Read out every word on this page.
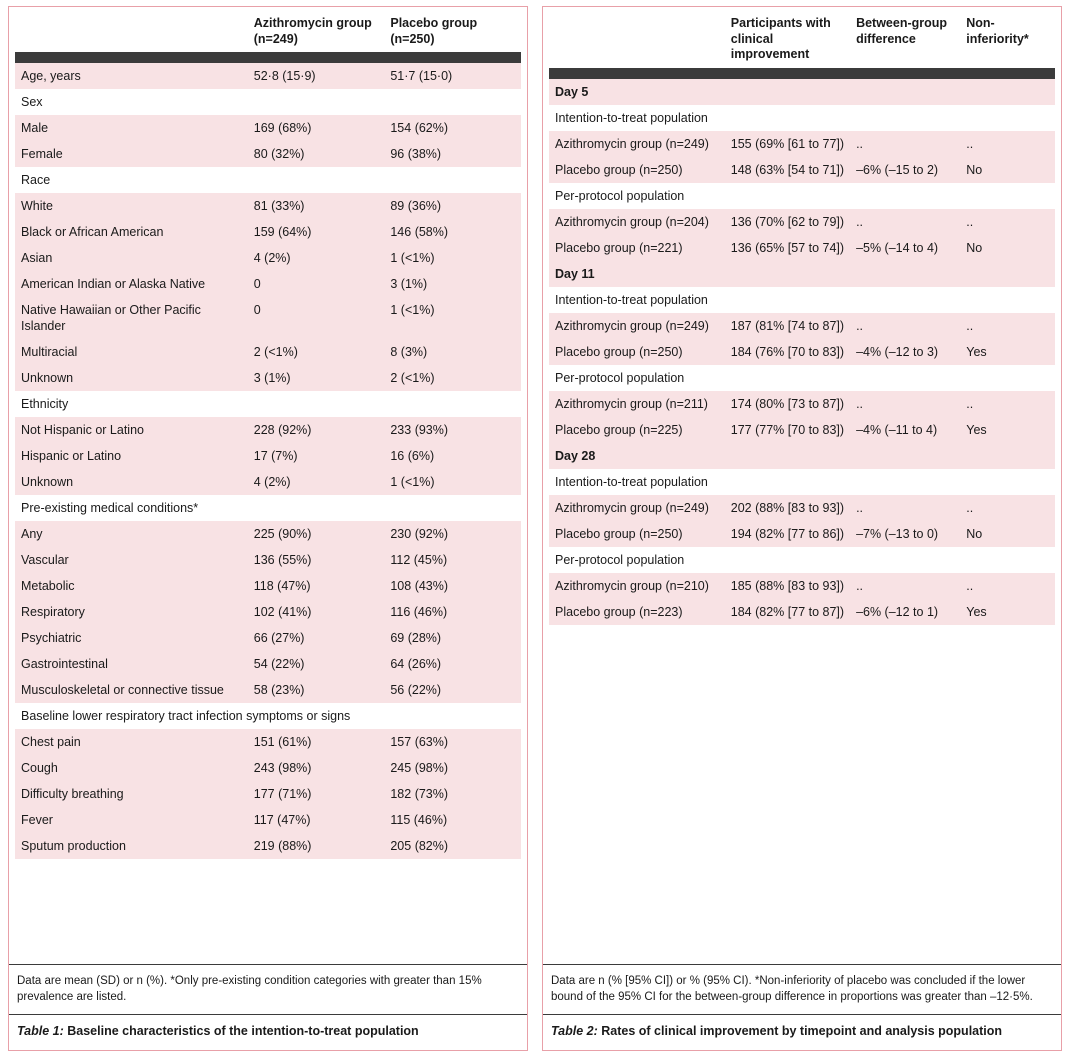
	Azithromycin group (n=249)	Placebo group (n=250)

Age, years	52·8 (15·9)	51·7 (15·0)
Sex		
Male	169 (68%)	154 (62%)
Female	80 (32%)	96 (38%)
Race		
White	81 (33%)	89 (36%)
Black or African American	159 (64%)	146 (58%)
Asian	4 (2%)	1 (<1%)
American Indian or Alaska Native	0	3 (1%)
Native Hawaiian or Other Pacific Islander	0	1 (<1%)
Multiracial	2 (<1%)	8 (3%)
Unknown	3 (1%)	2 (<1%)
Ethnicity		
Not Hispanic or Latino	228 (92%)	233 (93%)
Hispanic or Latino	17 (7%)	16 (6%)
Unknown	4 (2%)	1 (<1%)
Pre-existing medical conditions*		
Any	225 (90%)	230 (92%)
Vascular	136 (55%)	112 (45%)
Metabolic	118 (47%)	108 (43%)
Respiratory	102 (41%)	116 (46%)
Psychiatric	66 (27%)	69 (28%)
Gastrointestinal	54 (22%)	64 (26%)
Musculoskeletal or connective tissue	58 (23%)	56 (22%)
Baseline lower respiratory tract infection symptoms or signs		
Chest pain	151 (61%)	157 (63%)
Cough	243 (98%)	245 (98%)
Difficulty breathing	177 (71%)	182 (73%)
Fever	117 (47%)	115 (46%)
Sputum production	219 (88%)	205 (82%)
Data are mean (SD) or n (%). *Only pre-existing condition categories with greater than 15% prevalence are listed.
Table 1: Baseline characteristics of the intention-to-treat population
	Participants with clinical improvement	Between-group difference	Non-inferiority*

Day 5			
Intention-to-treat population			
Azithromycin group (n=249)	155 (69% [61 to 77])	..	..
Placebo group (n=250)	148 (63% [54 to 71])	–6% (–15 to 2)	No
Per-protocol population			
Azithromycin group (n=204)	136 (70% [62 to 79])	..	..
Placebo group (n=221)	136 (65% [57 to 74])	–5% (–14 to 4)	No
Day 11			
Intention-to-treat population			
Azithromycin group (n=249)	187 (81% [74 to 87])	..	..
Placebo group (n=250)	184 (76% [70 to 83])	–4% (–12 to 3)	Yes
Per-protocol population			
Azithromycin group (n=211)	174 (80% [73 to 87])	..	..
Placebo group (n=225)	177 (77% [70 to 83])	–4% (–11 to 4)	Yes
Day 28			
Intention-to-treat population			
Azithromycin group (n=249)	202 (88% [83 to 93])	..	..
Placebo group (n=250)	194 (82% [77 to 86])	–7% (–13 to 0)	No
Per-protocol population			
Azithromycin group (n=210)	185 (88% [83 to 93])	..	..
Placebo group (n=223)	184 (82% [77 to 87])	–6% (–12 to 1)	Yes
Data are n (% [95% CI]) or % (95% CI). *Non-inferiority of placebo was concluded if the lower bound of the 95% CI for the between-group difference in proportions was greater than –12·5%.
Table 2: Rates of clinical improvement by timepoint and analysis population
